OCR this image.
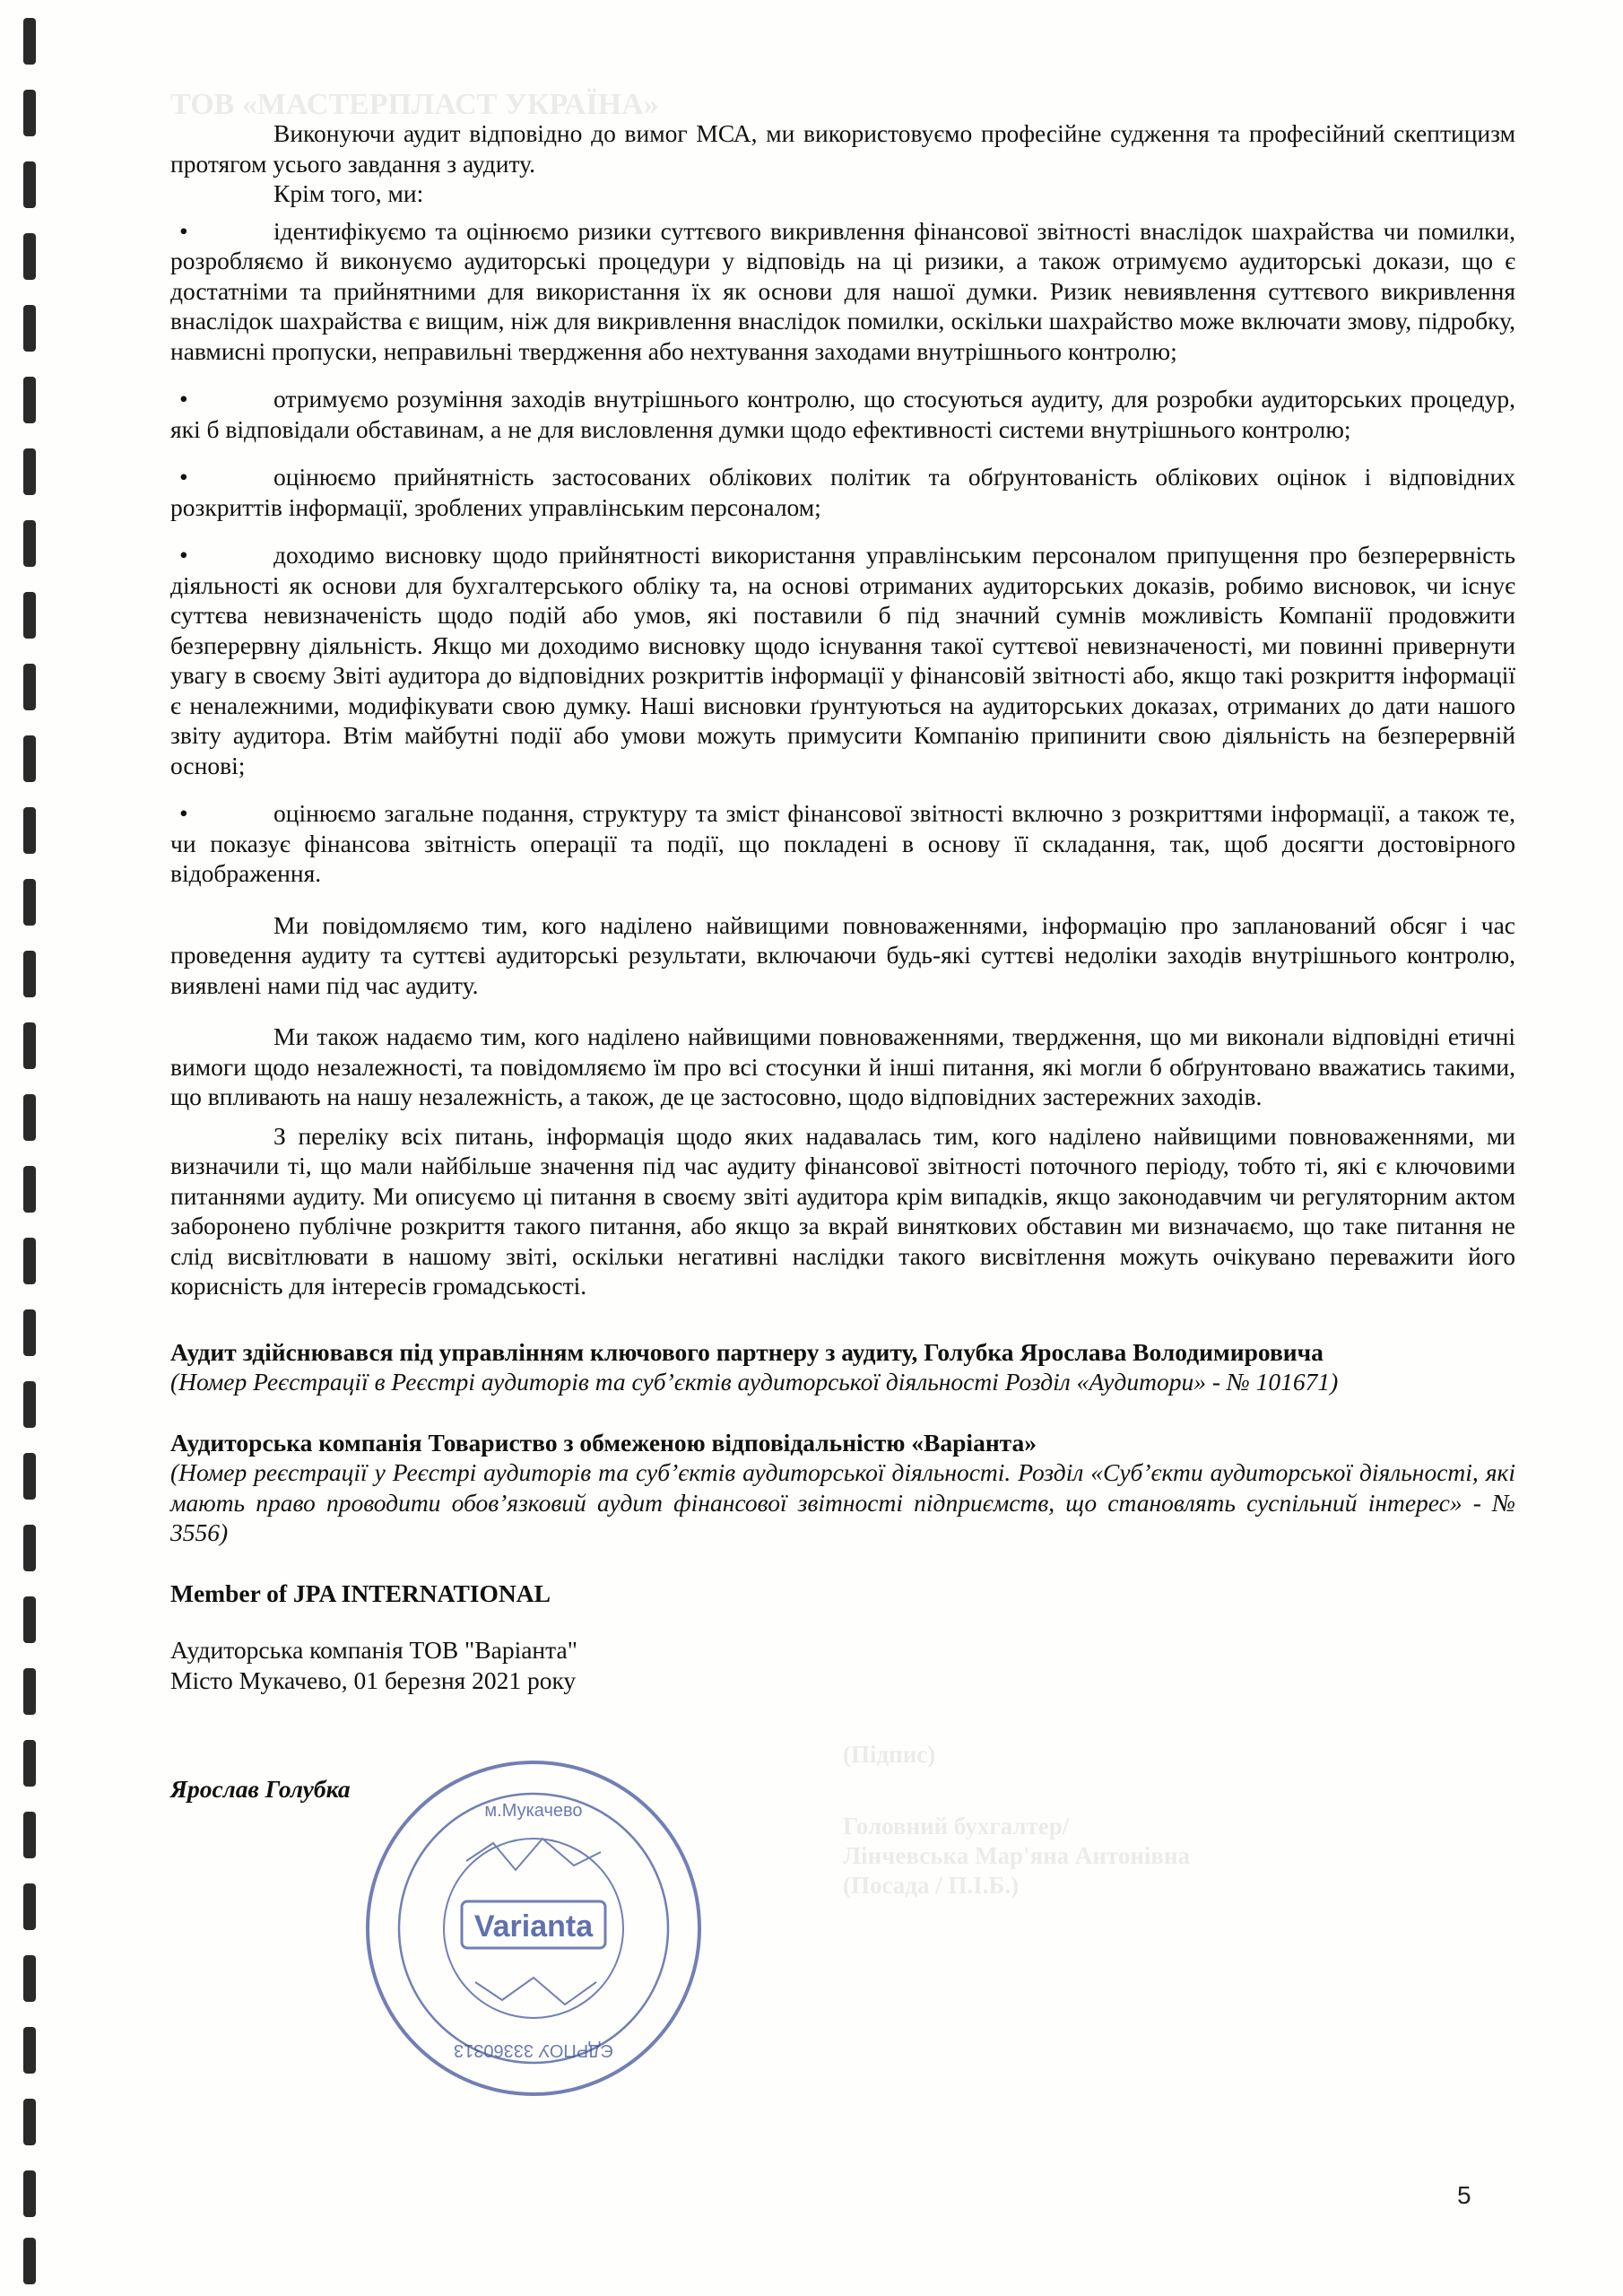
ТОВ «МАСТЕРПЛАСТ УКРАЇНА»
(Підпис)
Головний бухгалтер/
Лінчевська Мар'яна Антонівна
(Посада / П.І.Б.)

Виконуючи аудит відповідно до вимог МСА, ми використовуємо професійне судження та професійний скептицизм протягом усього завдання з аудиту.

Крім того, ми:

•	ідентифікуємо та оцінюємо ризики суттєвого викривлення фінансової звітності внаслідок шахрайства чи помилки, розробляємо й виконуємо аудиторські процедури у відповідь на ці ризики, а також отримуємо аудиторські докази, що є достатніми та прийнятними для використання їх як основи для нашої думки. Ризик невиявлення суттєвого викривлення внаслідок шахрайства є вищим, ніж для викривлення внаслідок помилки, оскільки шахрайство може включати змову, підробку, навмисні пропуски, неправильні твердження або нехтування заходами внутрішнього контролю;

•	отримуємо розуміння заходів внутрішнього контролю, що стосуються аудиту, для розробки аудиторських процедур, які б відповідали обставинам, а не для висловлення думки щодо ефективності системи внутрішнього контролю;

•	оцінюємо прийнятність застосованих облікових політик та обґрунтованість облікових оцінок і відповідних розкриттів інформації, зроблених управлінським персоналом;

•	доходимо висновку щодо прийнятності використання управлінським персоналом припущення про безперервність діяльності як основи для бухгалтерського обліку та, на основі отриманих аудиторських доказів, робимо висновок, чи існує суттєва невизначеність щодо подій або умов, які поставили б під значний сумнів можливість Компанії продовжити безперервну діяльність. Якщо ми доходимо висновку щодо існування такої суттєвої невизначеності, ми повинні привернути увагу в своєму Звіті аудитора до відповідних розкриттів інформації у фінансовій звітності або, якщо такі розкриття інформації є неналежними, модифікувати свою думку. Наші висновки ґрунтуються на аудиторських доказах, отриманих до дати нашого звіту аудитора. Втім майбутні події або умови можуть примусити Компанію припинити свою діяльність на безперервній основі;

•	оцінюємо загальне подання, структуру та зміст фінансової звітності включно з розкриттями інформації, а також те, чи показує фінансова звітність операції та події, що покладені в основу її складання, так, щоб досягти достовірного відображення.

Ми повідомляємо тим, кого наділено найвищими повноваженнями, інформацію про запланований обсяг і час проведення аудиту та суттєві аудиторські результати, включаючи будь-які суттєві недоліки заходів внутрішнього контролю, виявлені нами під час аудиту.

Ми також надаємо тим, кого наділено найвищими повноваженнями, твердження, що ми виконали відповідні етичні вимоги щодо незалежності, та повідомляємо їм про всі стосунки й інші питання, які могли б обґрунтовано вважатись такими, що впливають на нашу незалежність, а також, де це застосовно, щодо відповідних застережних заходів.

З переліку всіх питань, інформація щодо яких надавалась тим, кого наділено найвищими повноваженнями, ми визначили ті, що мали найбільше значення під час аудиту фінансової звітності поточного періоду, тобто ті, які є ключовими питаннями аудиту. Ми описуємо ці питання в своєму звіті аудитора крім випадків, якщо законодавчим чи регуляторним актом заборонено публічне розкриття такого питання, або якщо за вкрай виняткових обставин ми визначаємо, що таке питання не слід висвітлювати в нашому звіті, оскільки негативні наслідки такого висвітлення можуть очікувано переважити його корисність для інтересів громадськості.

Аудит здійснювався під управлінням ключового партнеру з аудиту, Голубка Ярослава Володимировича

(Номер Реєстрації в Реєстрі аудиторів та суб’єктів аудиторської діяльності Розділ «Аудитори» - № 101671)

Аудиторська компанія Товариство з обмеженою відповідальністю «Варіанта»

(Номер реєстрації у Реєстрі аудиторів та суб’єктів аудиторської діяльності. Розділ «Суб’єкти аудиторської діяльності, які мають право проводити обов’язковий аудит фінансової звітності підприємств, що становлять суспільний інтерес» - № 3556)

Member of JPA INTERNATIONAL

Аудиторська компанія ТОВ "Варіанта"

Місто Мукачево, 01 березня 2021 року

Ярослав Голубка

Varianta
м.Мукачево
ЄДРПОУ 33360313
5
